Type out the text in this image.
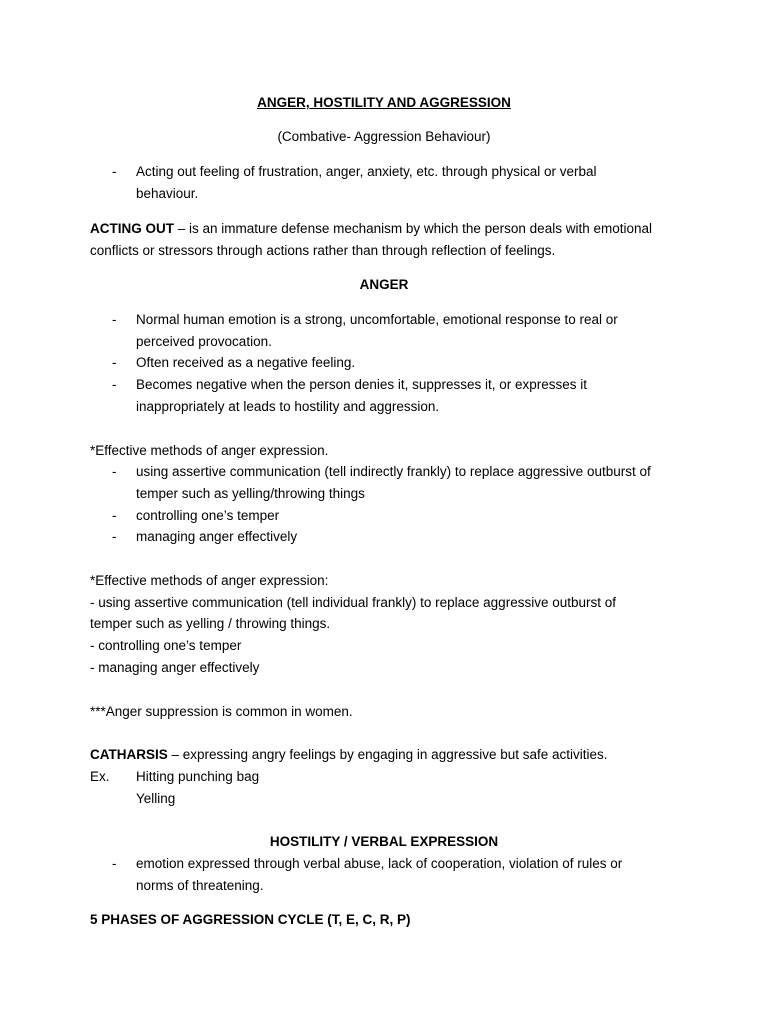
ANGER, HOSTILITY AND AGGRESSION
(Combative- Aggression Behaviour)
- Acting out feeling of frustration, anger, anxiety, etc. through physical or verbal
behaviour.
ACTING OUT – is an immature defense mechanism by which the person deals with emotional
conflicts or stressors through actions rather than through reflection of feelings.
ANGER
- Normal human emotion is a strong, uncomfortable, emotional response to real or
perceived provocation.
- Often received as a negative feeling.
- Becomes negative when the person denies it, suppresses it, or expresses it
inappropriately at leads to hostility and aggression.
*Effective methods of anger expression.
- using assertive communication (tell indirectly frankly) to replace aggressive outburst of
temper such as yelling/throwing things
- controlling one’s temper
- managing anger effectively
*Effective methods of anger expression:
- using assertive communication (tell individual frankly) to replace aggressive outburst of
temper such as yelling / throwing things.
- controlling one’s temper
- managing anger effectively
***Anger suppression is common in women.
CATHARSIS – expressing angry feelings by engaging in aggressive but safe activities.
Ex. Hitting punching bag
Yelling
HOSTILITY / VERBAL EXPRESSION
- emotion expressed through verbal abuse, lack of cooperation, violation of rules or
norms of threatening.
5 PHASES OF AGGRESSION CYCLE (T, E, C, R, P)
